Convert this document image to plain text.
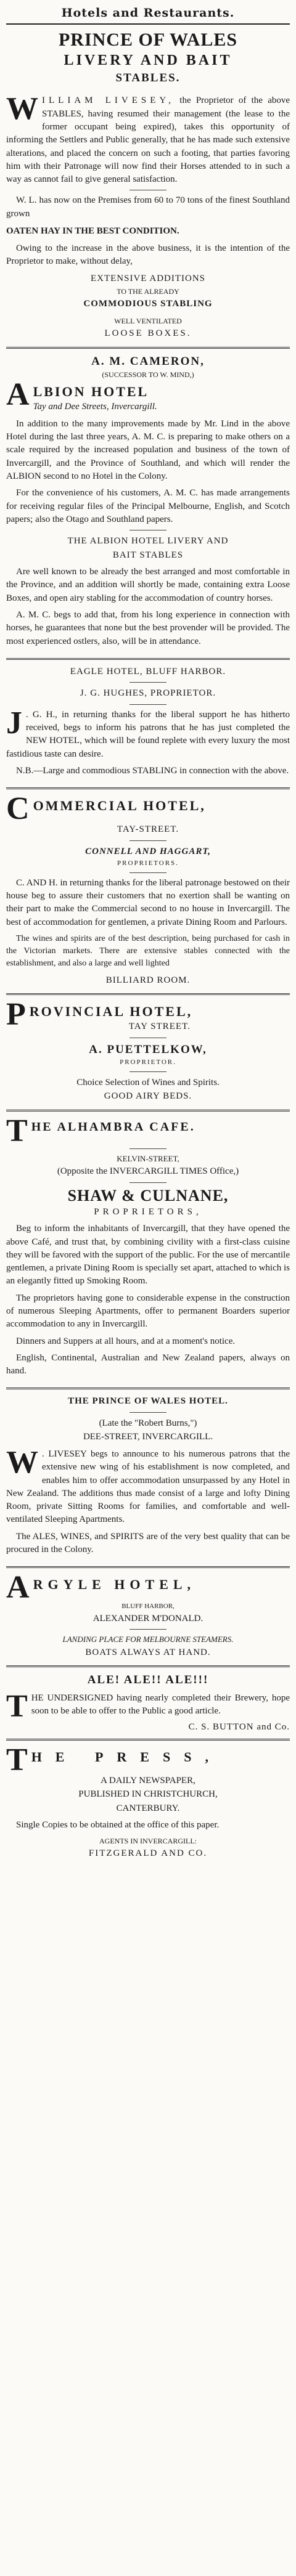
Hotels and Restaurants.
PRINCE OF WALES
LIVERY AND BAIT
STABLES.
W ILLIAM LIVESEY, the Proprietor of the above STABLES, having resumed their management (the lease to the former occupant being expired), takes this opportunity of informing the Settlers and Public generally, that he has made such extensive alterations, and placed the concern on such a footing, that parties favoring him with their Patronage will now find their Horses attended to in such a way as cannot fail to give general satisfaction.
W. L. has now on the Premises from 60 to 70 tons of the finest Southland grown
OATEN HAY IN THE BEST CONDITION.
Owing to the increase in the above business, it is the intention of the Proprietor to make, without delay,
EXTENSIVE ADDITIONS
TO THE ALREADY
COMMODIOUS STABLING
WELL VENTILATED
LOOSE BOXES.
A. M. CAMERON,
(SUCCESSOR TO W. MIND,)
A LBION HOTEL
Tay and Dee Streets, Invercargill.
In addition to the many improvements made by Mr. Lind in the above Hotel during the last three years, A. M. C. is preparing to make others on a scale required by the increased population and business of the town of Invercargill, and the Province of Southland, and which will render the ALBION second to no Hotel in the Colony.
For the convenience of his customers, A. M. C. has made arrangements for receiving regular files of the Principal Melbourne, English, and Scotch papers; also the Otago and Southland papers.
THE ALBION HOTEL LIVERY AND
BAIT STABLES
Are well known to be already the best arranged and most comfortable in the Province, and an addition will shortly be made, containing extra Loose Boxes, and open airy stabling for the accommodation of country horses.
A. M. C. begs to add that, from his long experience in connection with horses, he guarantees that none but the best provender will be provided. The most experienced ostlers, also, will be in attendance.
EAGLE HOTEL, BLUFF HARBOR.
J. G. HUGHES, PROPRIETOR.
J . G. H., in returning thanks for the liberal support he has hitherto received, begs to inform his patrons that he has just completed the NEW HOTEL, which will be found replete with every luxury the most fastidious taste can desire.
N.B.—Large and commodious STABLING in connection with the above.
C OMMERCIAL HOTEL,
TAY-STREET.
CONNELL AND HAGGART,
PROPRIETORS.
C. AND H. in returning thanks for the liberal patronage bestowed on their house beg to assure their customers that no exertion shall be wanting on their part to make the Commercial second to no house in Invercargill. The best of accommodation for gentlemen, a private Dining Room and Parlours.
The wines and spirits are of the best description, being purchased for cash in the Victorian markets. There are extensive stables connected with the establishment, and also a large and well lighted
BILLIARD ROOM.
P ROVINCIAL HOTEL,
TAY STREET.
A. PUETTELKOW,
PROPRIETOR.
Choice Selection of Wines and Spirits.
GOOD AIRY BEDS.
T HE ALHAMBRA CAFE.
KELVIN-STREET,
(Opposite the INVERCARGILL TIMES Office,)
SHAW & CULNANE,
PROPRIETORS,
Beg to inform the inhabitants of Invercargill, that they have opened the above Café, and trust that, by combining civility with a first-class cuisine they will be favored with the support of the public. For the use of mercantile gentlemen, a private Dining Room is specially set apart, attached to which is an elegantly fitted up Smoking Room.
The proprietors having gone to considerable expense in the construction of numerous Sleeping Apartments, offer to permanent Boarders superior accommodation to any in Invercargill.
Dinners and Suppers at all hours, and at a moment's notice.
English, Continental, Australian and New Zealand papers, always on hand.
THE PRINCE OF WALES HOTEL.
(Late the "Robert Burns,")
DEE-STREET, INVERCARGILL.
W . LIVESEY begs to announce to his numerous patrons that the extensive new wing of his establishment is now completed, and enables him to offer accommodation unsurpassed by any Hotel in New Zealand. The additions thus made consist of a large and lofty Dining Room, private Sitting Rooms for families, and comfortable and well-ventilated Sleeping Apartments.
The ALES, WINES, and SPIRITS are of the very best quality that can be procured in the Colony.
A RGYLE HOTEL,
BLUFF HARBOR,
ALEXANDER M'DONALD.
LANDING PLACE FOR MELBOURNE STEAMERS.
BOATS ALWAYS AT HAND.
ALE! ALE!! ALE!!!
T HE UNDERSIGNED having nearly completed their Brewery, hope soon to be able to offer to the Public a good article.
C. S. BUTTON and Co.
T HE PRESS,
A DAILY NEWSPAPER,
PUBLISHED IN CHRISTCHURCH,
CANTERBURY.
Single Copies to be obtained at the office of this paper.
AGENTS IN INVERCARGILL:
FITZGERALD AND CO.
